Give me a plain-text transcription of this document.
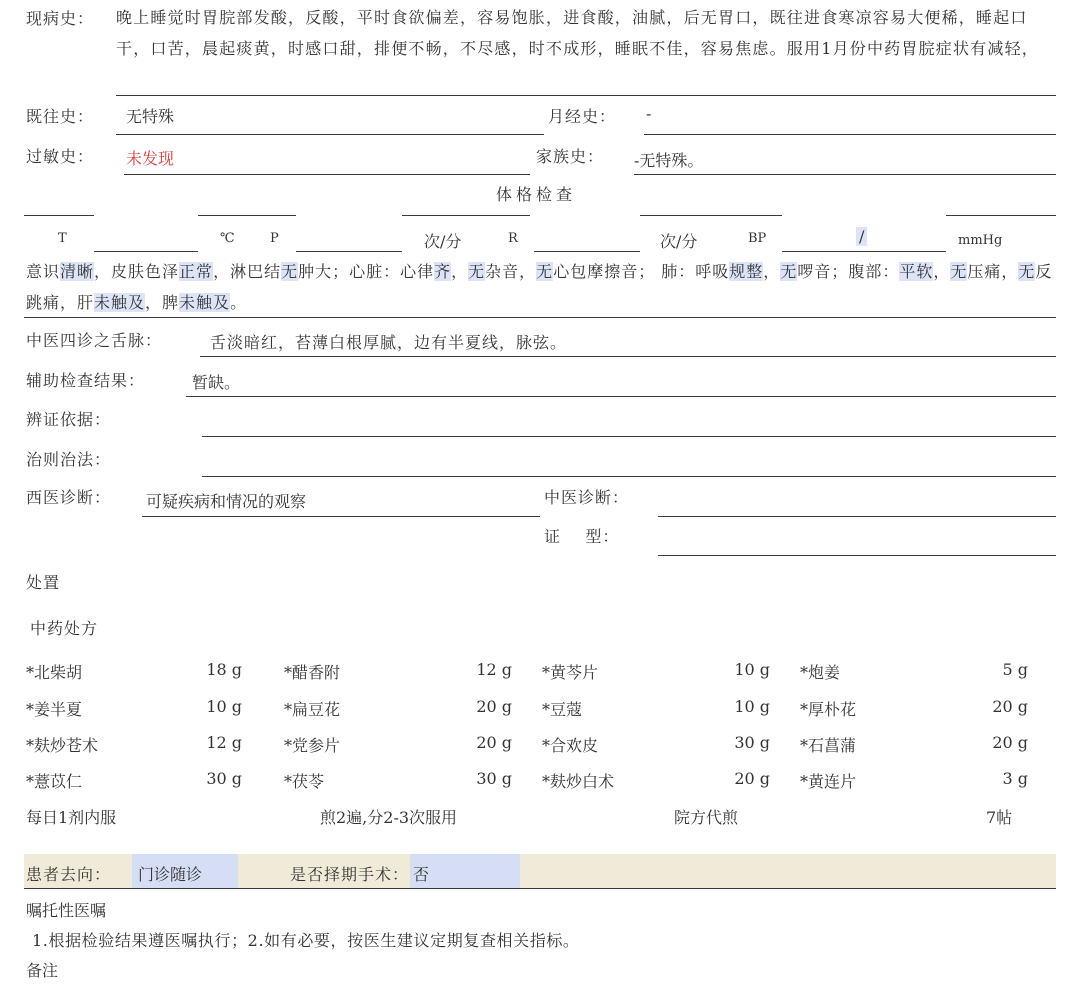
现病史： 晚上睡觉时胃脘部发酸，反酸，平时食欲偏差，容易饱胀，进食酸，油腻，后无胃口，既往进食寒凉容易大便稀，睡起口干，口苦，晨起痰黄，时感口甜，排便不畅，不尽感，时不成形，睡眠不佳，容易焦虑。服用1月份中药胃脘症状有减轻，
既往史： 无特殊	月经史： -
过敏史： 未发现	家族史： -无特殊。
体格检查
T	℃	P	次/分	R	次/分	BP	/	mmHg
意识清晰，皮肤色泽正常，淋巴结无肿大；心脏：心律齐，无杂音，无心包摩擦音； 肺：呼吸规整，无啰音；腹部：平软，无压痛，无反跳痛，肝未触及，脾未触及。
中医四诊之舌脉：	舌淡暗红，苔薄白根厚腻，边有半夏线，脉弦。
辅助检查结果：	暂缺。
辨证依据：
治则治法：
西医诊断： 可疑疾病和情况的观察	中医诊断：
证    型：
处置
中药处方
*北柴胡	18 g	*醋香附	12 g *黄芩片	10 g *炮姜	5 g
*姜半夏	10 g	*扁豆花	20 g *豆蔻	10 g *厚朴花	20 g
*麸炒苍术	12 g	*党参片	20 g *合欢皮	30 g *石菖蒲	20 g
*薏苡仁	30 g	*茯苓	30 g *麸炒白术	20 g *黄连片	3 g
每日1剂内服	煎2遍,分2-3次服用	院方代煎	7帖
患者去向： 门诊随诊	是否择期手术： 否
嘱托性医嘱
1.根据检验结果遵医嘱执行；2.如有必要，按医生建议定期复查相关指标。
备注
